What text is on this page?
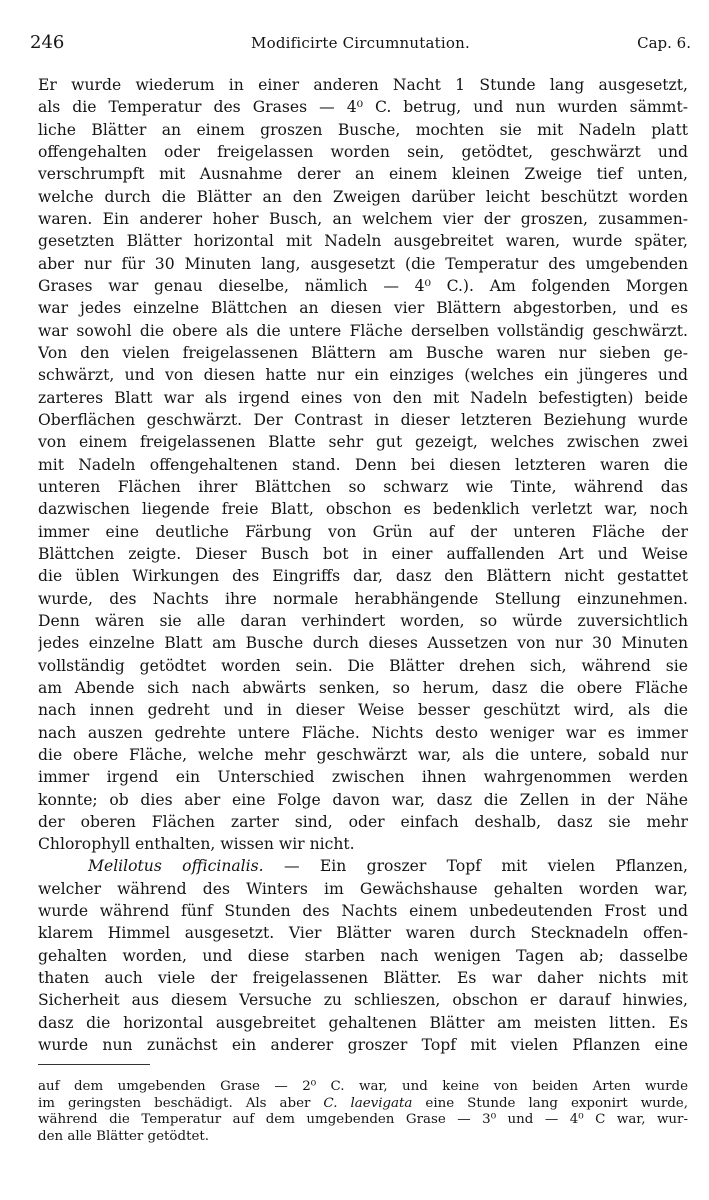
246	Modificirte Circumnutation.	Cap. 6.
Er wurde wiederum in einer anderen Nacht 1 Stunde lang ausgesetzt,
als die Temperatur des Grases — 4⁰ C. betrug, und nun wurden sämmt-
liche Blätter an einem groszen Busche, mochten sie mit Nadeln platt
offengehalten oder freigelassen worden sein, getödtet, geschwärzt und
verschrumpft mit Ausnahme derer an einem kleinen Zweige tief unten,
welche durch die Blätter an den Zweigen darüber leicht beschützt worden
waren. Ein anderer hoher Busch, an welchem vier der groszen, zusammen-
gesetzten Blätter horizontal mit Nadeln ausgebreitet waren, wurde später,
aber nur für 30 Minuten lang, ausgesetzt (die Temperatur des umgebenden
Grases war genau dieselbe, nämlich — 4⁰ C.). Am folgenden Morgen
war jedes einzelne Blättchen an diesen vier Blättern abgestorben, und es
war sowohl die obere als die untere Fläche derselben vollständig geschwärzt.
Von den vielen freigelassenen Blättern am Busche waren nur sieben ge-
schwärzt, und von diesen hatte nur ein einziges (welches ein jüngeres und
zarteres Blatt war als irgend eines von den mit Nadeln befestigten) beide
Oberflächen geschwärzt. Der Contrast in dieser letzteren Beziehung wurde
von einem freigelassenen Blatte sehr gut gezeigt, welches zwischen zwei
mit Nadeln offengehaltenen stand. Denn bei diesen letzteren waren die
unteren Flächen ihrer Blättchen so schwarz wie Tinte, während das
dazwischen liegende freie Blatt, obschon es bedenklich verletzt war, noch
immer eine deutliche Färbung von Grün auf der unteren Fläche der
Blättchen zeigte. Dieser Busch bot in einer auffallenden Art und Weise
die üblen Wirkungen des Eingriffs dar, dasz den Blättern nicht gestattet
wurde, des Nachts ihre normale herabhängende Stellung einzunehmen.
Denn wären sie alle daran verhindert worden, so würde zuversichtlich
jedes einzelne Blatt am Busche durch dieses Aussetzen von nur 30 Minuten
vollständig getödtet worden sein. Die Blätter drehen sich, während sie
am Abende sich nach abwärts senken, so herum, dasz die obere Fläche
nach innen gedreht und in dieser Weise besser geschützt wird, als die
nach auszen gedrehte untere Fläche. Nichts desto weniger war es immer
die obere Fläche, welche mehr geschwärzt war, als die untere, sobald nur
immer irgend ein Unterschied zwischen ihnen wahrgenommen werden
konnte; ob dies aber eine Folge davon war, dasz die Zellen in der Nähe
der oberen Flächen zarter sind, oder einfach deshalb, dasz sie mehr
Chlorophyll enthalten, wissen wir nicht.
Melilotus officinalis. — Ein groszer Topf mit vielen Pflanzen,
welcher während des Winters im Gewächshause gehalten worden war,
wurde während fünf Stunden des Nachts einem unbedeutenden Frost und
klarem Himmel ausgesetzt. Vier Blätter waren durch Stecknadeln offen-
gehalten worden, und diese starben nach wenigen Tagen ab; dasselbe
thaten auch viele der freigelassenen Blätter. Es war daher nichts mit
Sicherheit aus diesem Versuche zu schlieszen, obschon er darauf hinwies,
dasz die horizontal ausgebreitet gehaltenen Blätter am meisten litten. Es
wurde nun zunächst ein anderer groszer Topf mit vielen Pflanzen eine
auf dem umgebenden Grase — 2⁰ C. war, und keine von beiden Arten wurde
im geringsten beschädigt. Als aber C. laevigata eine Stunde lang exponirt wurde,
während die Temperatur auf dem umgebenden Grase — 3⁰ und — 4⁰ C war, wur-
den alle Blätter getödtet.
